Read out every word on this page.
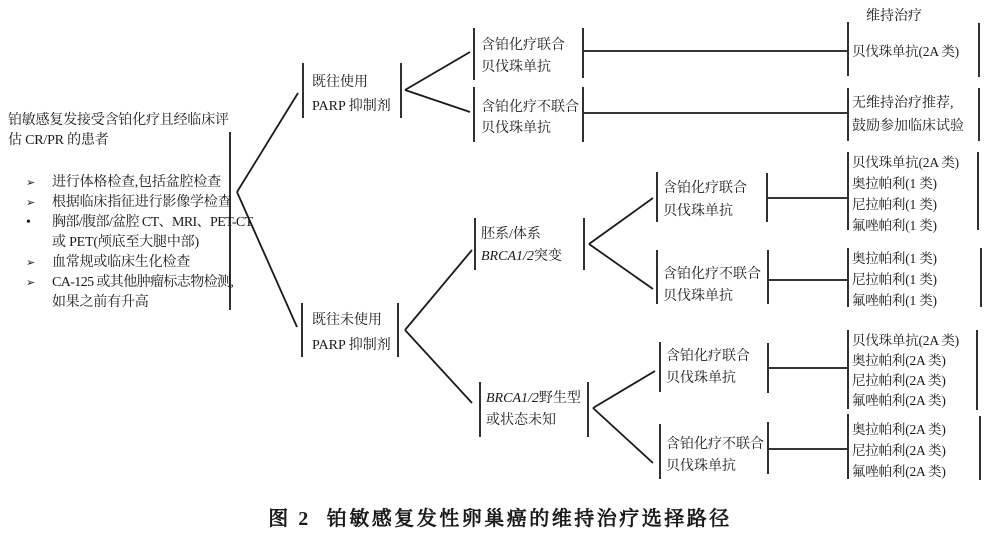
维持治疗
铂敏感复发接受含铂化疗且经临床评
估 CR/PR 的患者
➢	进行体格检查,包括盆腔检查
➢	根据临床指征进行影像学检查
•	胸部/腹部/盆腔 CT、MRI、PET-CT
或 PET(颅底至大腿中部)
➢	血常规或临床生化检查
➢	CA-125 或其他肿瘤标志物检测,
如果之前有升高
既往使用
PARP 抑制剂
既往未使用
PARP 抑制剂
含铂化疗联合
贝伐珠单抗
含铂化疗不联合
贝伐珠单抗
贝伐珠单抗(2A 类)
无维持治疗推荐,
鼓励参加临床试验
胚系/体系
BRCA1/2突变
BRCA1/2野生型
或状态未知
含铂化疗联合
贝伐珠单抗
贝伐珠单抗(2A 类)
奥拉帕利(1 类)
尼拉帕利(1 类)
氟唑帕利(1 类)
含铂化疗不联合
贝伐珠单抗
奥拉帕利(1 类)
尼拉帕利(1 类)
氟唑帕利(1 类)
含铂化疗联合
贝伐珠单抗
贝伐珠单抗(2A 类)
奥拉帕利(2A 类)
尼拉帕利(2A 类)
氟唑帕利(2A 类)
含铂化疗不联合
贝伐珠单抗
奥拉帕利(2A 类)
尼拉帕利(2A 类)
氟唑帕利(2A 类)
图 2 铂敏感复发性卵巢癌的维持治疗选择路径
